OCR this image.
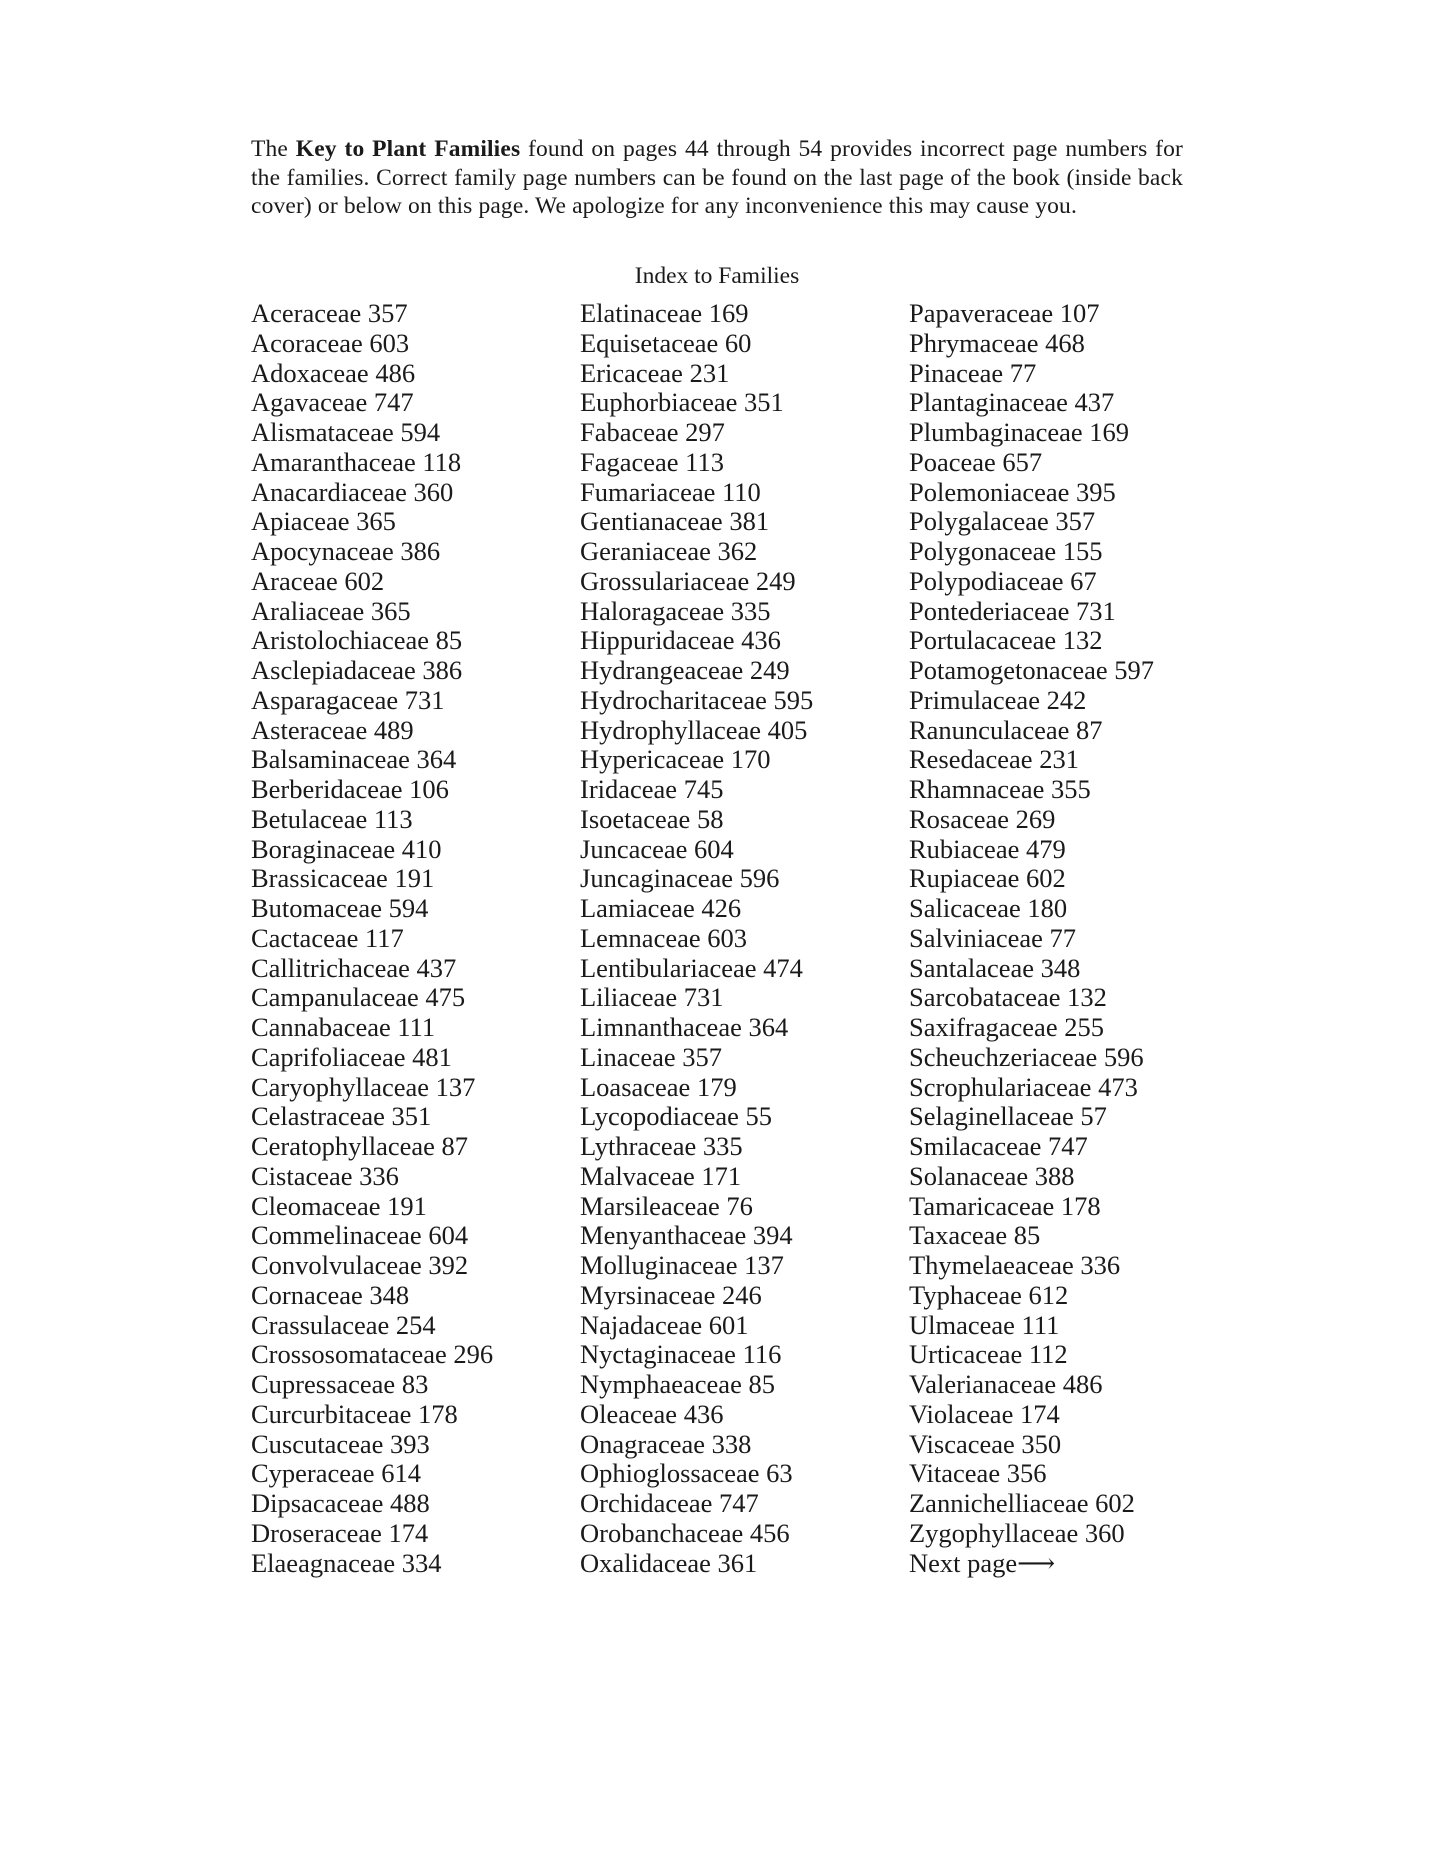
The Key to Plant Families found on pages 44 through 54 provides incorrect page numbers for the families. Correct family page numbers can be found on the last page of the book (inside back cover) or below on this page. We apologize for any inconvenience this may cause you.

Index to Families
Aceraceae 357
Acoraceae 603
Adoxaceae 486
Agavaceae 747
Alismataceae 594
Amaranthaceae 118
Anacardiaceae 360
Apiaceae 365
Apocynaceae 386
Araceae 602
Araliaceae 365
Aristolochiaceae 85
Asclepiadaceae 386
Asparagaceae 731
Asteraceae 489
Balsaminaceae 364
Berberidaceae 106
Betulaceae 113
Boraginaceae 410
Brassicaceae 191
Butomaceae 594
Cactaceae 117
Callitrichaceae 437
Campanulaceae 475
Cannabaceae 111
Caprifoliaceae 481
Caryophyllaceae 137
Celastraceae 351
Ceratophyllaceae 87
Cistaceae 336
Cleomaceae 191
Commelinaceae 604
Convolvulaceae 392
Cornaceae 348
Crassulaceae 254
Crossosomataceae 296
Cupressaceae 83
Curcurbitaceae 178
Cuscutaceae 393
Cyperaceae 614
Dipsacaceae 488
Droseraceae 174
Elaeagnaceae 334
Elatinaceae 169
Equisetaceae 60
Ericaceae 231
Euphorbiaceae 351
Fabaceae 297
Fagaceae 113
Fumariaceae 110
Gentianaceae 381
Geraniaceae 362
Grossulariaceae 249
Haloragaceae 335
Hippuridaceae 436
Hydrangeaceae 249
Hydrocharitaceae 595
Hydrophyllaceae 405
Hypericaceae 170
Iridaceae 745
Isoetaceae 58
Juncaceae 604
Juncaginaceae 596
Lamiaceae 426
Lemnaceae 603
Lentibulariaceae 474
Liliaceae 731
Limnanthaceae 364
Linaceae 357
Loasaceae 179
Lycopodiaceae 55
Lythraceae 335
Malvaceae 171
Marsileaceae 76
Menyanthaceae 394
Molluginaceae 137
Myrsinaceae 246
Najadaceae 601
Nyctaginaceae 116
Nymphaeaceae 85
Oleaceae 436
Onagraceae 338
Ophioglossaceae 63
Orchidaceae 747
Orobanchaceae 456
Oxalidaceae 361
Papaveraceae 107
Phrymaceae 468
Pinaceae 77
Plantaginaceae 437
Plumbaginaceae 169
Poaceae 657
Polemoniaceae 395
Polygalaceae 357
Polygonaceae 155
Polypodiaceae 67
Pontederiaceae 731
Portulacaceae 132
Potamogetonaceae 597
Primulaceae 242
Ranunculaceae 87
Resedaceae 231
Rhamnaceae 355
Rosaceae 269
Rubiaceae 479
Rupiaceae 602
Salicaceae 180
Salviniaceae 77
Santalaceae 348
Sarcobataceae 132
Saxifragaceae 255
Scheuchzeriaceae 596
Scrophulariaceae 473
Selaginellaceae 57
Smilacaceae 747
Solanaceae 388
Tamaricaceae 178
Taxaceae 85
Thymelaeaceae 336
Typhaceae 612
Ulmaceae 111
Urticaceae 112
Valerianaceae 486
Violaceae 174
Viscaceae 350
Vitaceae 356
Zannichelliaceae 602
Zygophyllaceae 360
Next page⟶
